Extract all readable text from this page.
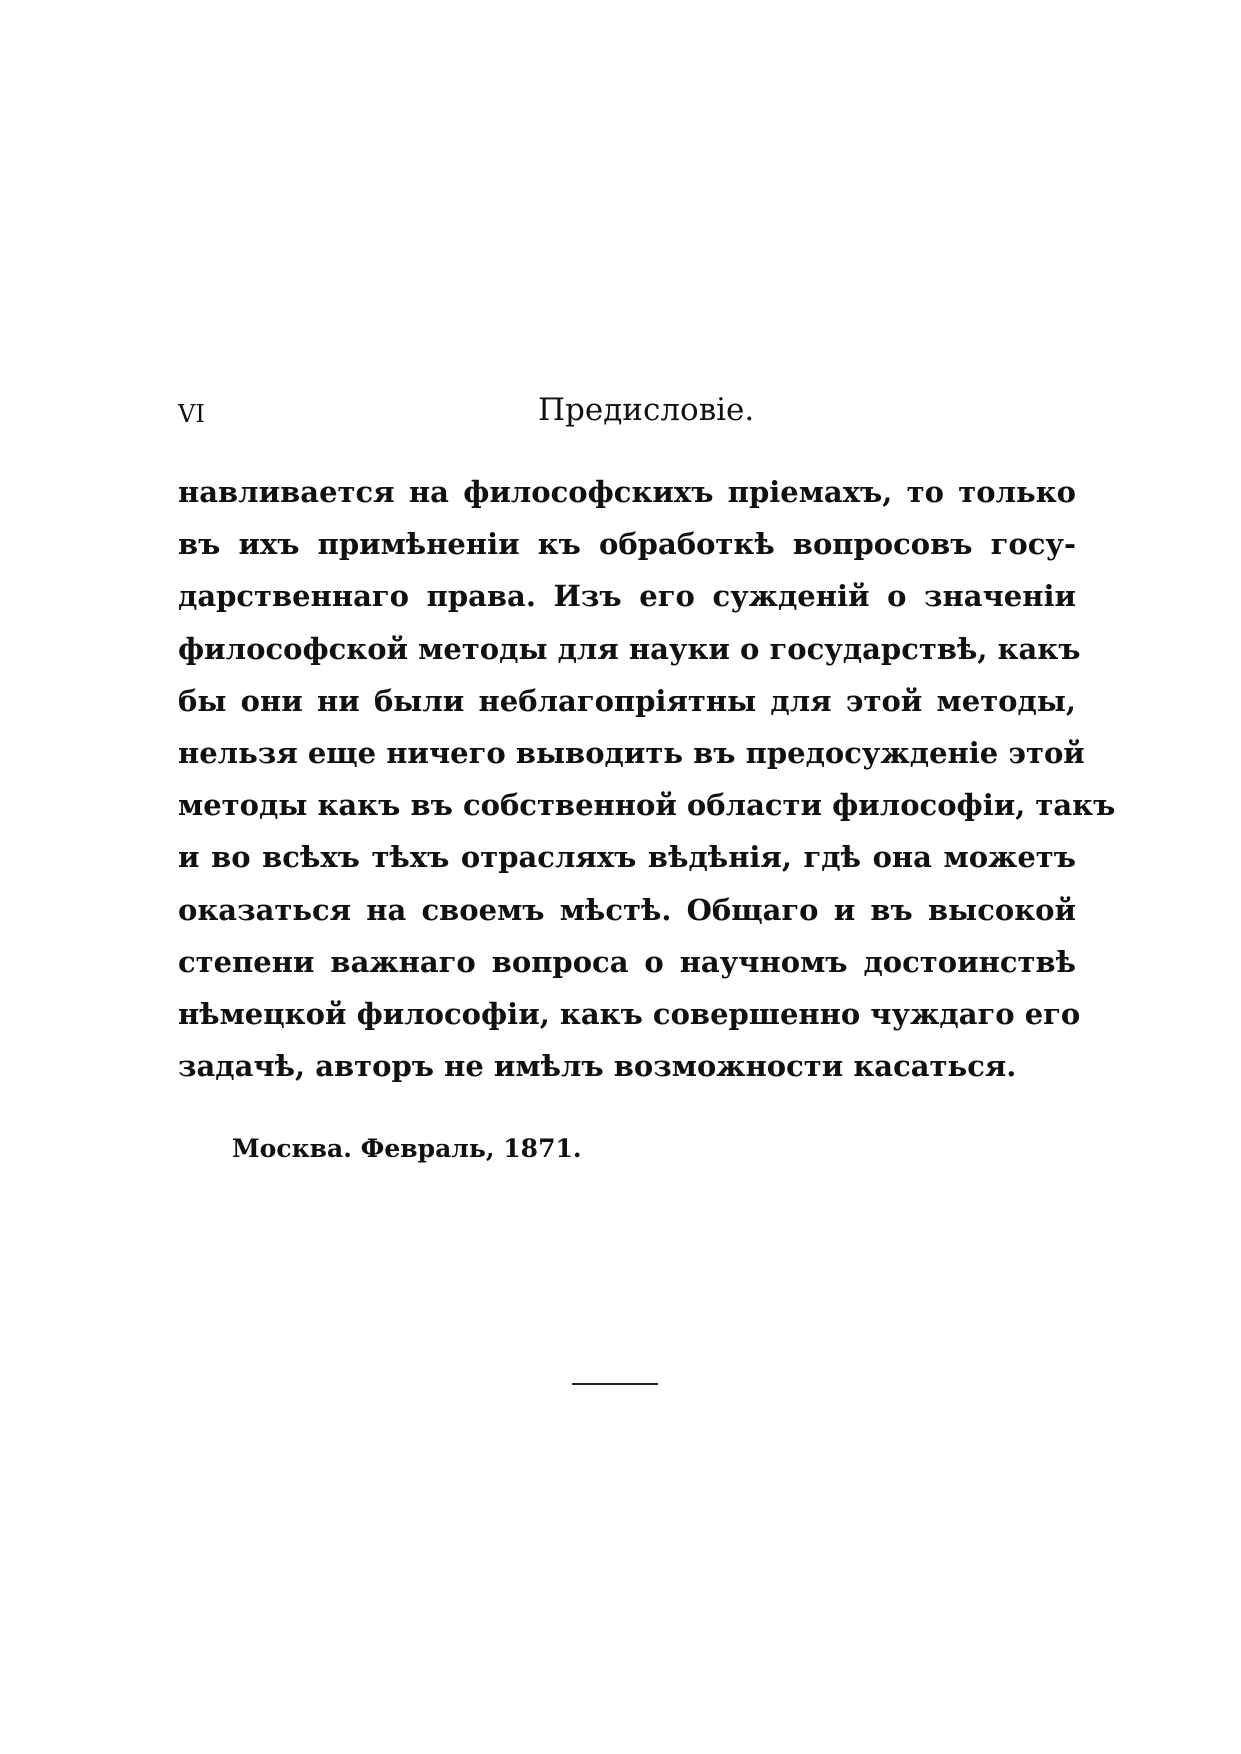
VI	Предисловіе.
навливается на философскихъ пріемахъ, то только
въ ихъ примѣненіи къ обработкѣ вопросовъ госу-
дарственнаго права. Изъ его сужденій о значеніи
философской методы для науки о государствѣ, какъ
бы они ни были неблагопріятны для этой методы,
нельзя еще ничего выводить въ предосужденіе этой
методы какъ въ собственной области философіи, такъ
и во всѣхъ тѣхъ отрасляхъ вѣдѣнія, гдѣ она можетъ
оказаться на своемъ мѣстѣ. Общаго и въ высокой
степени важнаго вопроса о научномъ достоинствѣ
нѣмецкой философіи, какъ совершенно чуждаго его
задачѣ, авторъ не имѣлъ возможности касаться.
Москва. Февраль, 1871.
